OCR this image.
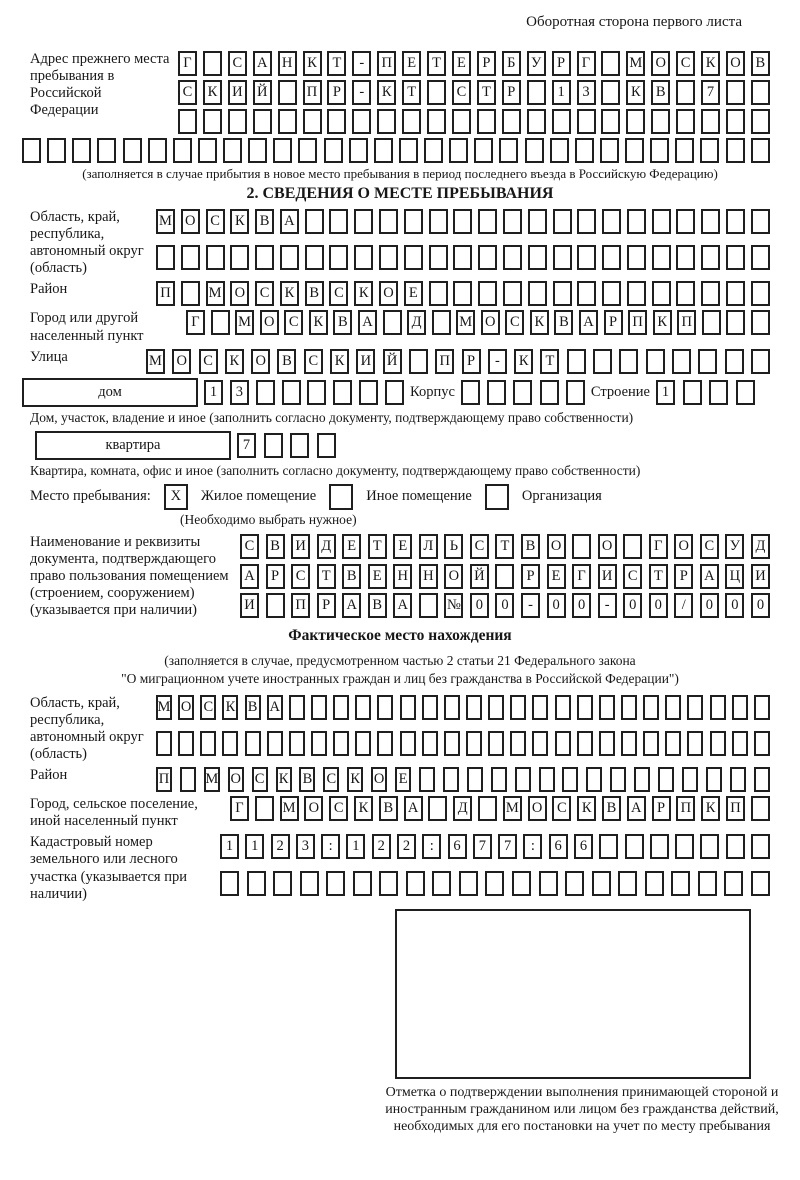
Оборотная сторона первого листа
Адрес прежнего места пребывания в Российской Федерации
Г	С	А Н	К	Т	-	П	Е	Т	Е	Р	Б	У	Р	Г	М О	С	К	О	В
С	К	И Й	П	Р	-	К	Т	С	Т	Р	1	3	К	В	7
(заполняется в случае прибытия в новое место пребывания в период последнего въезда в Российскую Федерацию)
2. СВЕДЕНИЯ О МЕСТЕ ПРЕБЫВАНИЯ
Область, край, республика, автономный округ (область)
М О	С	К	В	А
Район	П	М О	С	К	В	С	К	О	Е
Город или другой населенный пункт
Г	М О С	К	В А	Д	М О С	К	В А	Р	П К П
Улица	М О	С	К	О	В	С	К	И Й	П	Р	-	К	Т
дом	1	3	Корпус	Строение 1
Дом, участок, владение и иное (заполнить согласно документу, подтверждающему право собственности)
квартира	7
Квартира, комната, офис и иное (заполнить согласно документу, подтверждающему право собственности)
Место пребывания:	X	Жилое помещение	Иное помещение	Организация
(Необходимо выбрать нужное)
Наименование и реквизиты документа, подтверждающего право пользования помещением (строением, сооружением) (указывается при наличии)
С	В	И	Д	Е	Т	Е	Л	Ь	С	Т	В	О	О	Г	О	С	У	Д
А	Р	С	Т	В	Е	Н Н О Й	Р	Е	Г	И	С	Т	Р	А Ц И
И	П	Р	А	В	А	№	0	0	-	0	0	-	0	0	/	0	0	0
Фактическое место нахождения
(заполняется в случае, предусмотренном частью 2 статьи 21 Федерального закона
"О миграционном учете иностранных граждан и лиц без гражданства в Российской Федерации")
Область, край, республика, автономный округ (область)
М О С К В А
Район	П М О С К В С К О Е
Город, сельское поселение, иной населенный пункт
Г	М О	С	К	В	А	Д	М О	С	К	В	А	Р	П	К	П
Кадастровый номер земельного или лесного участка (указывается при наличии)
1	1	2	3	:	1	2	2	:	6	7	7	:	6	6
Отметка о подтверждении выполнения принимающей стороной и иностранным гражданином или лицом без гражданства действий, необходимых для его постановки на учет по месту пребывания
